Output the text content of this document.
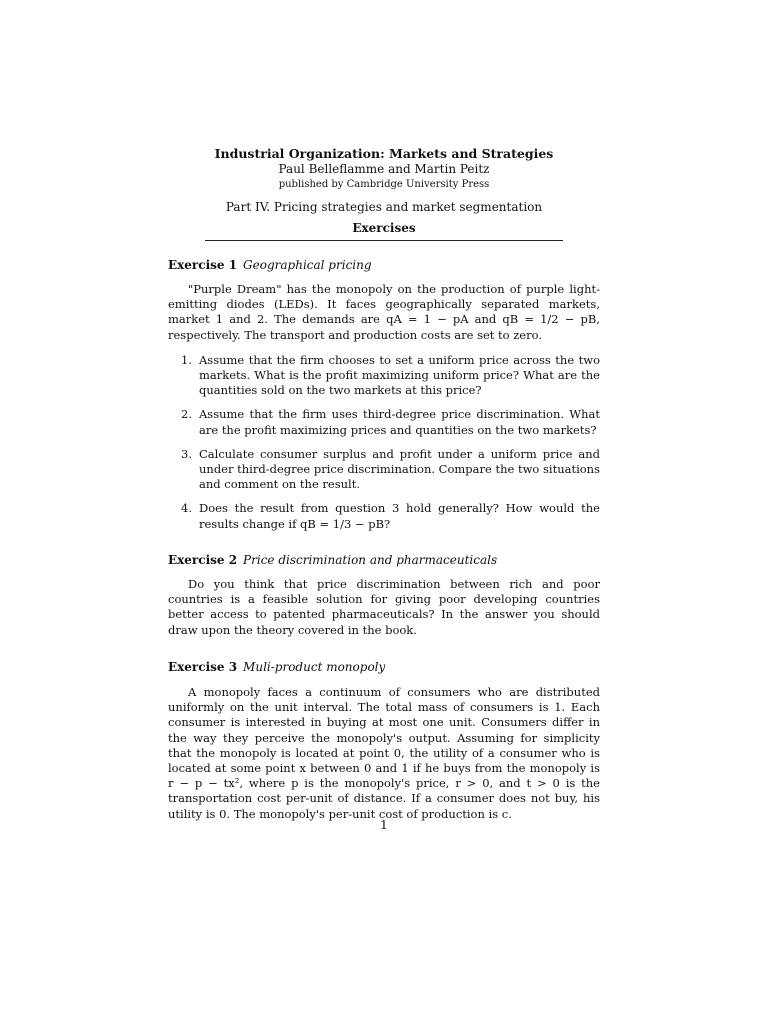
Industrial Organization: Markets and Strategies
Paul Belleflamme and Martin Peitz
published by Cambridge University Press
Part IV. Pricing strategies and market segmentation
Exercises
Exercise 1 Geographical pricing

"Purple Dream" has the monopoly on the production of purple light-emitting diodes (LEDs). It faces geographically separated markets, market 1 and 2. The demands are qA = 1 − pA and qB = 1/2 − pB, respectively. The transport and production costs are set to zero.

1. Assume that the firm chooses to set a uniform price across the two markets. What is the profit maximizing uniform price? What are the quantities sold on the two markets at this price?
2. Assume that the firm uses third-degree price discrimination. What are the profit maximizing prices and quantities on the two markets?
3. Calculate consumer surplus and profit under a uniform price and under third-degree price discrimination. Compare the two situations and comment on the result.
4. Does the result from question 3 hold generally? How would the results change if qB = 1/3 − pB?
Exercise 2 Price discrimination and pharmaceuticals

Do you think that price discrimination between rich and poor countries is a feasible solution for giving poor developing countries better access to patented pharmaceuticals? In the answer you should draw upon the theory covered in the book.

Exercise 3 Muli-product monopoly

A monopoly faces a continuum of consumers who are distributed uniformly on the unit interval. The total mass of consumers is 1. Each consumer is interested in buying at most one unit. Consumers differ in the way they perceive the monopoly's output. Assuming for simplicity that the monopoly is located at point 0, the utility of a consumer who is located at some point x between 0 and 1 if he buys from the monopoly is r − p − tx², where p is the monopoly's price, r > 0, and t > 0 is the transportation cost per-unit of distance. If a consumer does not buy, his utility is 0. The monopoly's per-unit cost of production is c.

1
